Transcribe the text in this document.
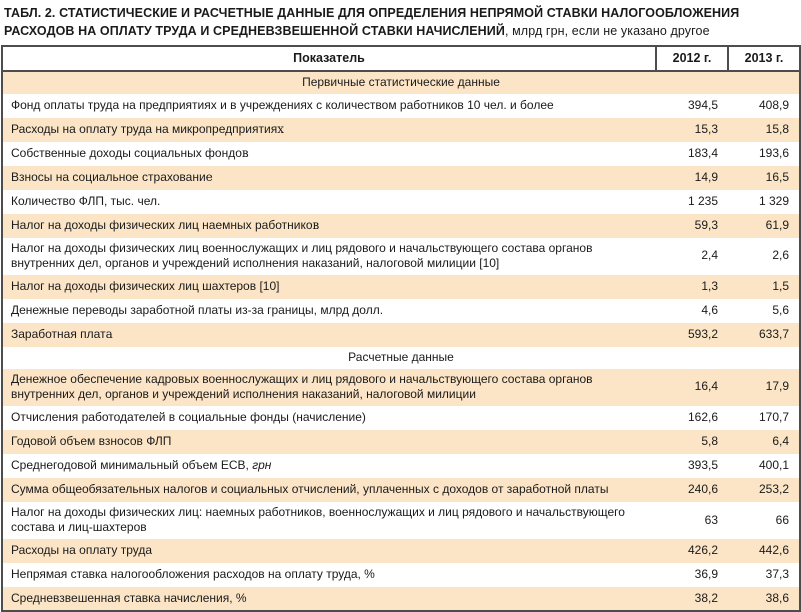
ТАБЛ. 2. СТАТИСТИЧЕСКИЕ И РАСЧЕТНЫЕ ДАННЫЕ ДЛЯ ОПРЕДЕЛЕНИЯ НЕПРЯМОЙ СТАВКИ НАЛОГООБЛОЖЕНИЯ РАСХОДОВ НА ОПЛАТУ ТРУДА И СРЕДНЕВЗВЕШЕННОЙ СТАВКИ НАЧИСЛЕНИЙ, млрд грн, если не указано другое
Показатель	2012 г.	2013 г.
Первичные статистические данные		
Фонд оплаты труда на предприятиях и в учреждениях с количеством работников 10 чел. и более	394,5	408,9
Расходы на оплату труда на микропредприятиях	15,3	15,8
Собственные доходы социальных фондов	183,4	193,6
Взносы на социальное страхование	14,9	16,5
Количество ФЛП, тыс. чел.	1 235	1 329
Налог на доходы физических лиц наемных работников	59,3	61,9
Налог на доходы физических лиц военнослужащих и лиц рядового и начальствующего состава органов внутренних дел, органов и учреждений исполнения наказаний, налоговой милиции [10]	2,4	2,6
Налог на доходы физических лиц шахтеров [10]	1,3	1,5
Денежные переводы заработной платы из-за границы, млрд долл.	4,6	5,6
Заработная плата	593,2	633,7
Расчетные данные		
Денежное обеспечение кадровых военнослужащих и лиц рядового и начальствующего состава органов внутренних дел, органов и учреждений исполнения наказаний, налоговой милиции	16,4	17,9
Отчисления работодателей в социальные фонды (начисление)	162,6	170,7
Годовой объем взносов ФЛП	5,8	6,4
Среднегодовой минимальный объем ЕСВ, грн	393,5	400,1
Сумма общеобязательных налогов и социальных отчислений, уплаченных с доходов от заработной платы	240,6	253,2
Налог на доходы физических лиц: наемных работников, военнослужащих и лиц рядового и начальствующего состава и лиц-шахтеров	63	66
Расходы на оплату труда	426,2	442,6
Непрямая ставка налогообложения расходов на оплату труда, %	36,9	37,3
Средневзвешенная ставка начисления, %	38,2	38,6
